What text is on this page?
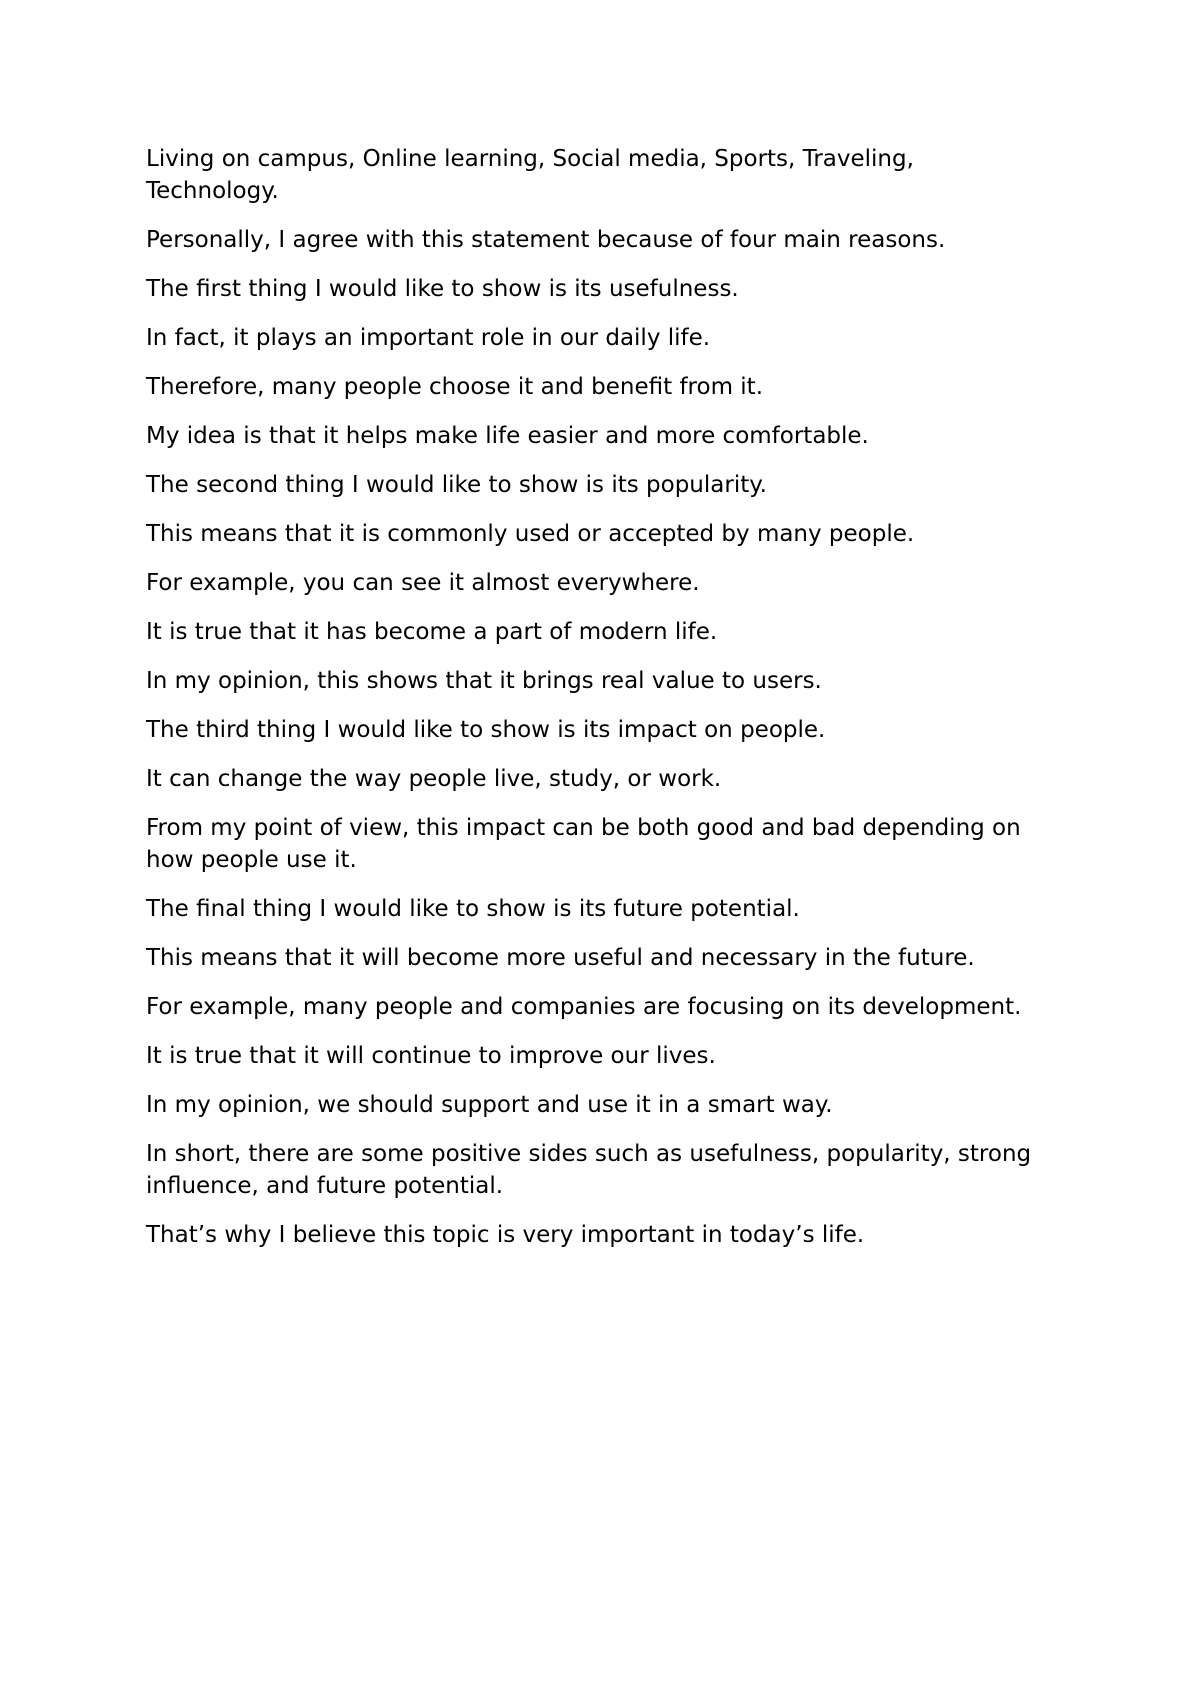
Living on campus, Online learning, Social media, Sports, Traveling, Technology.

Personally, I agree with this statement because of four main reasons.

The first thing I would like to show is its usefulness.

In fact, it plays an important role in our daily life.

Therefore, many people choose it and benefit from it.

My idea is that it helps make life easier and more comfortable.

The second thing I would like to show is its popularity.

This means that it is commonly used or accepted by many people.

For example, you can see it almost everywhere.

It is true that it has become a part of modern life.

In my opinion, this shows that it brings real value to users.

The third thing I would like to show is its impact on people.

It can change the way people live, study, or work.

From my point of view, this impact can be both good and bad depending on how people use it.

The final thing I would like to show is its future potential.

This means that it will become more useful and necessary in the future.

For example, many people and companies are focusing on its development.

It is true that it will continue to improve our lives.

In my opinion, we should support and use it in a smart way.

In short, there are some positive sides such as usefulness, popularity, strong influence, and future potential.

That’s why I believe this topic is very important in today’s life.
